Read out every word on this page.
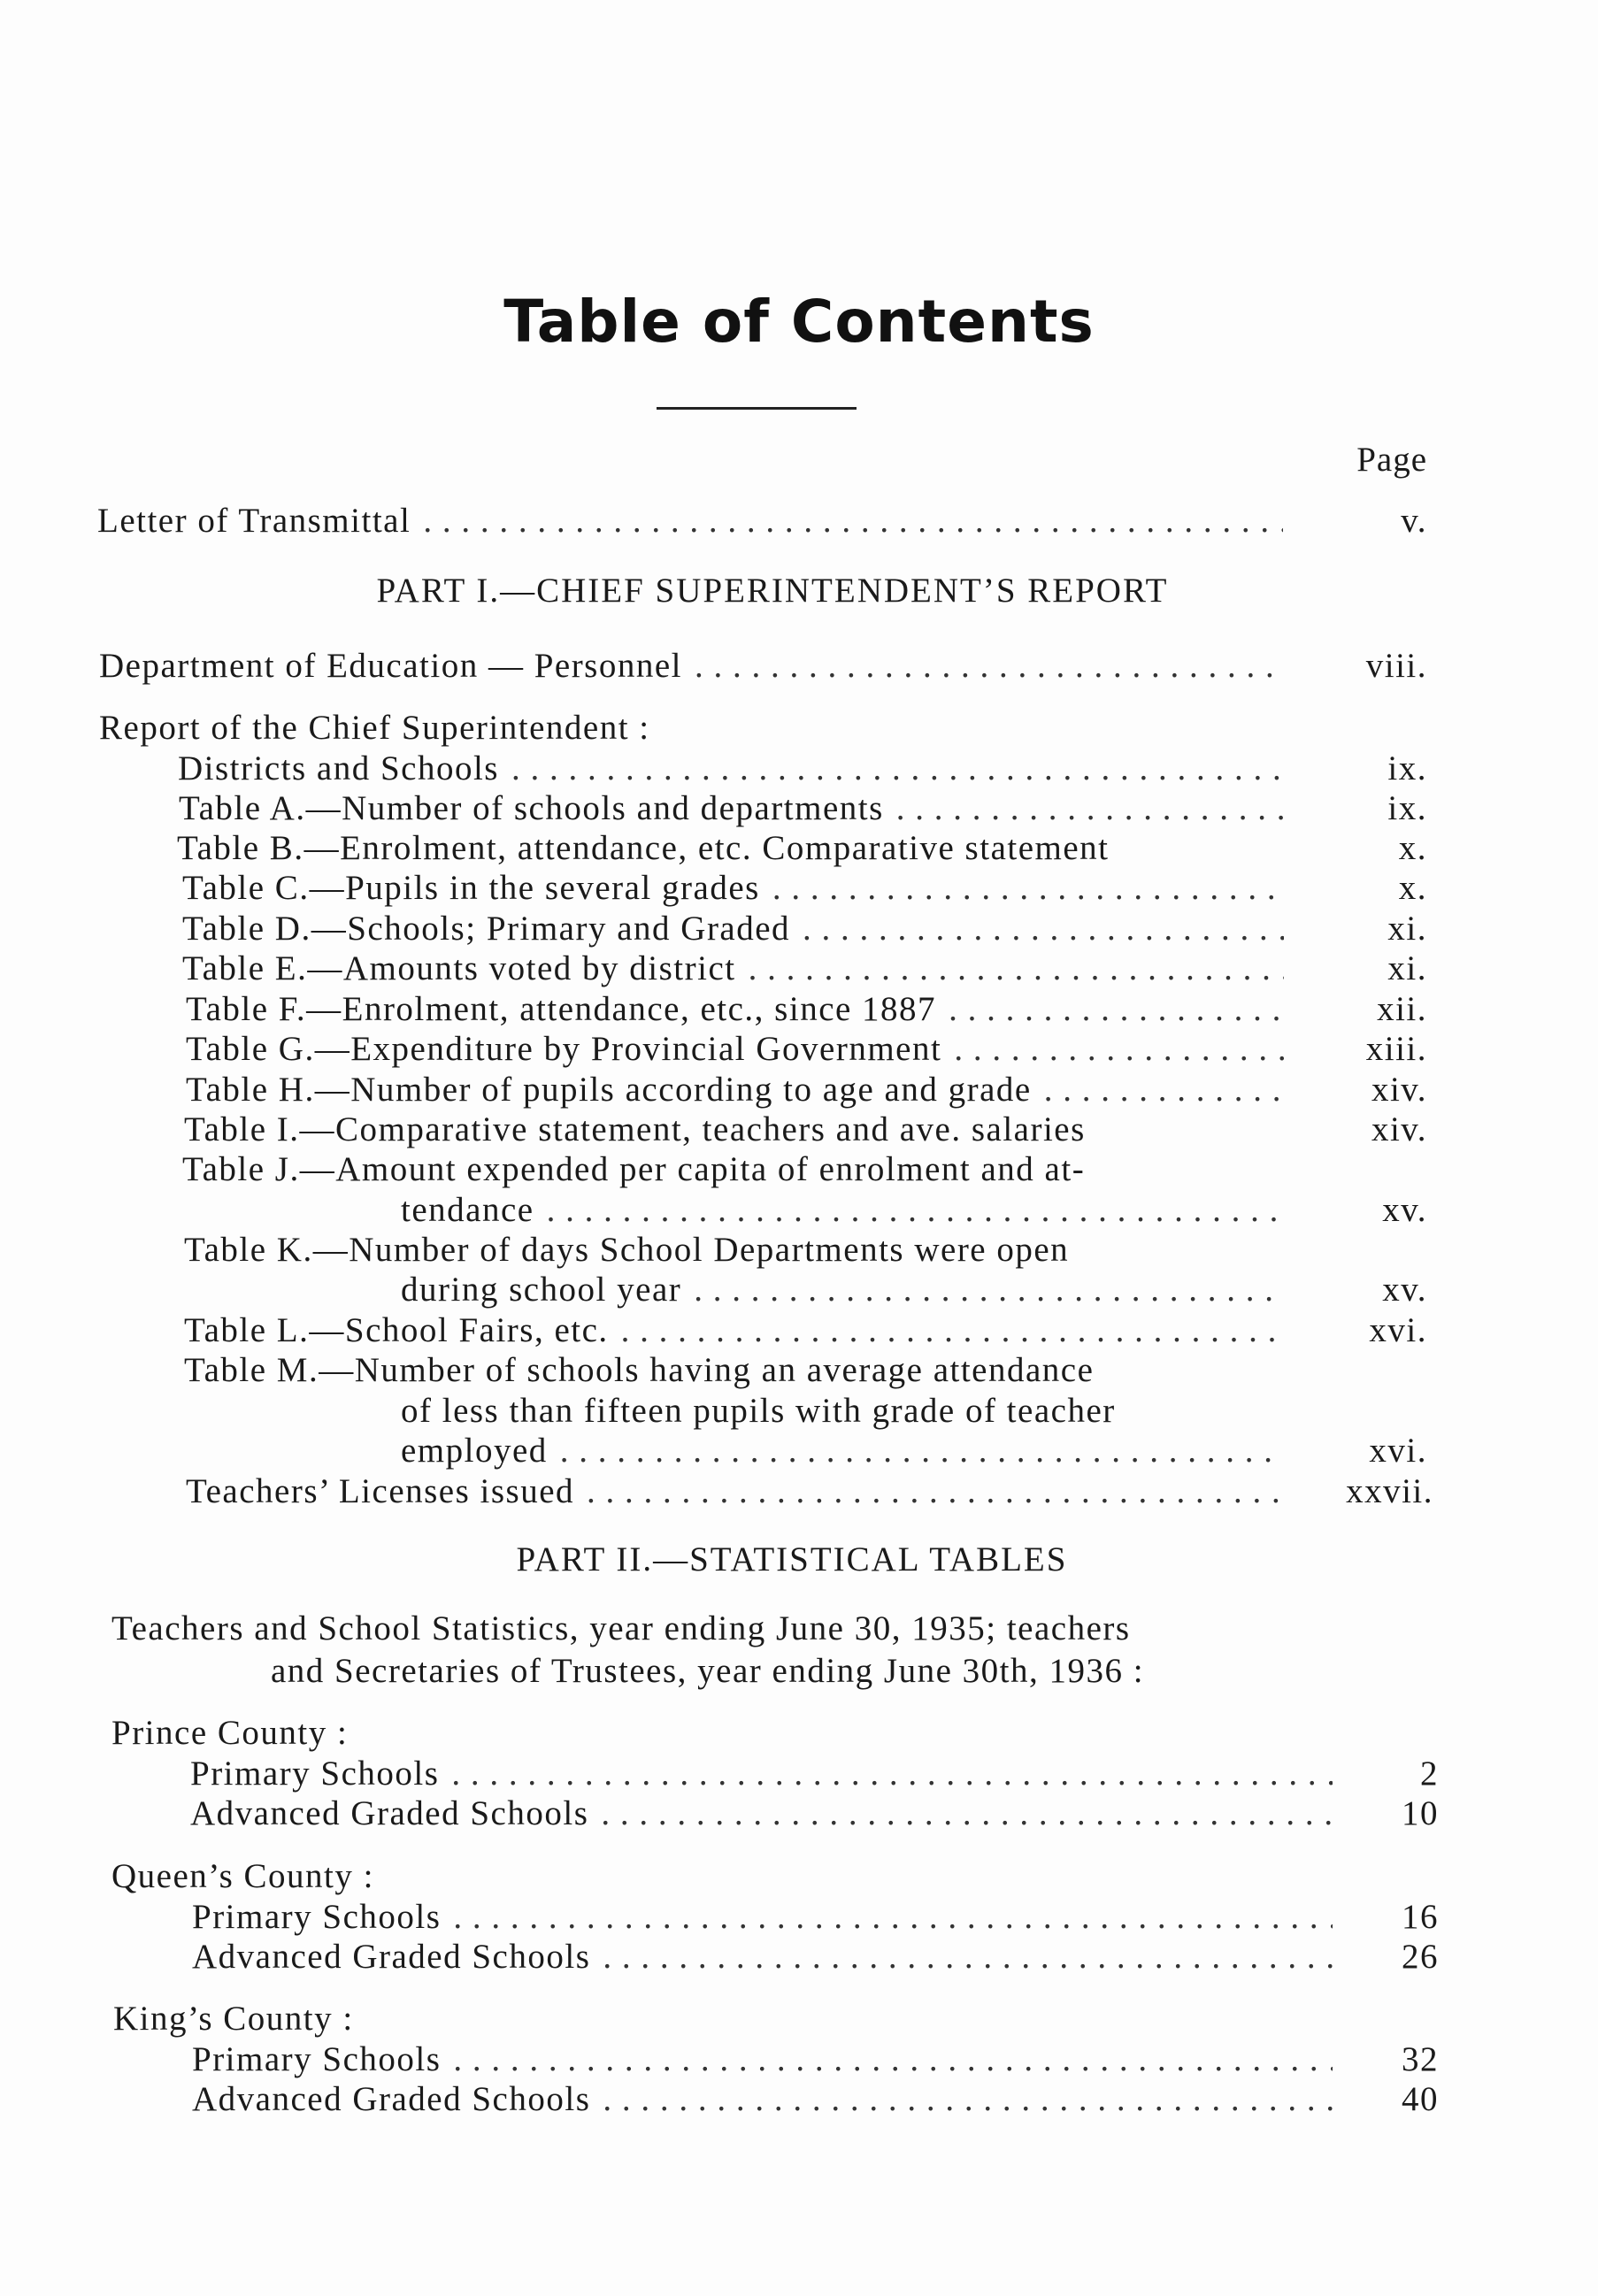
Table of Contents
Page
Letter of Transmittal . . .	v.
PART I.—CHIEF SUPERINTENDENT’S REPORT
Department of Education — Personnel . . .	viii.
Report of the Chief Superintendent :
Districts and Schools . . .	ix.
Table A.—Number of schools and departments . . .	ix.
Table B.—Enrolment, attendance, etc. Comparative statement	x.
Table C.—Pupils in the several grades . . .	x.
Table D.—Schools; Primary and Graded . . .	xi.
Table E.—Amounts voted by district . . .	xi.
Table F.—Enrolment, attendance, etc., since 1887 . . .	xii.
Table G.—Expenditure by Provincial Government . . .	xiii.
Table H.—Number of pupils according to age and grade . . .	xiv.
Table I.—Comparative statement, teachers and ave. salaries	xiv.
Table J.—Amount expended per capita of enrolment and at-
tendance . . .	xv.
Table K.—Number of days School Departments were open
during school year . . .	xv.
Table L.—School Fairs, etc. . . .	xvi.
Table M.—Number of schools having an average attendance
of less than fifteen pupils with grade of teacher
employed . . .	xvi.
Teachers’ Licenses issued . . .	xxvii.
PART II.—STATISTICAL TABLES
Teachers and School Statistics, year ending June 30, 1935; teachers
and Secretaries of Trustees, year ending June 30th, 1936 :
Prince County :
Primary Schools . . .	2
Advanced Graded Schools . . .	10
Queen’s County :
Primary Schools . . .	16
Advanced Graded Schools . . .	26
King’s County :
Primary Schools . . .	32
Advanced Graded Schools . . .	40
